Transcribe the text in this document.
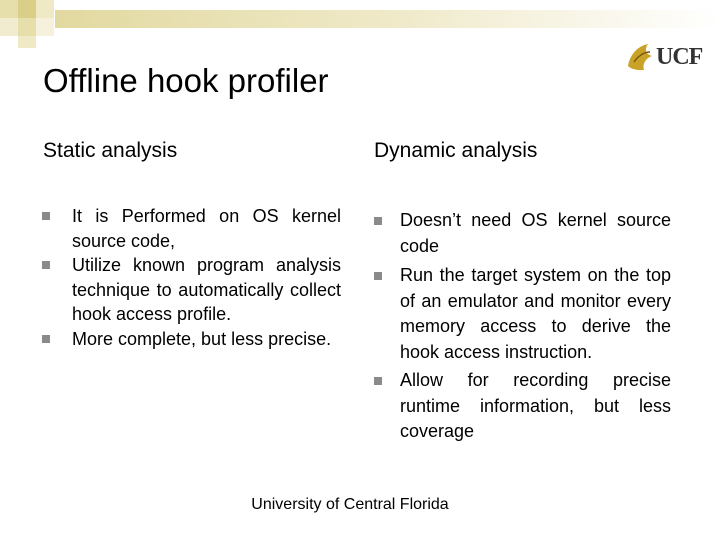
Offline hook profiler
UCF
Static analysis	Dynamic analysis
It is Performed on OS kernel source code,
Utilize known program analysis technique to automatically collect hook access profile.
More complete, but less precise.
Doesn’t need OS kernel source code
Run the target system on the top of an emulator and monitor every memory access to derive the hook access instruction.
Allow for recording precise runtime information, but less coverage
University of Central Florida
